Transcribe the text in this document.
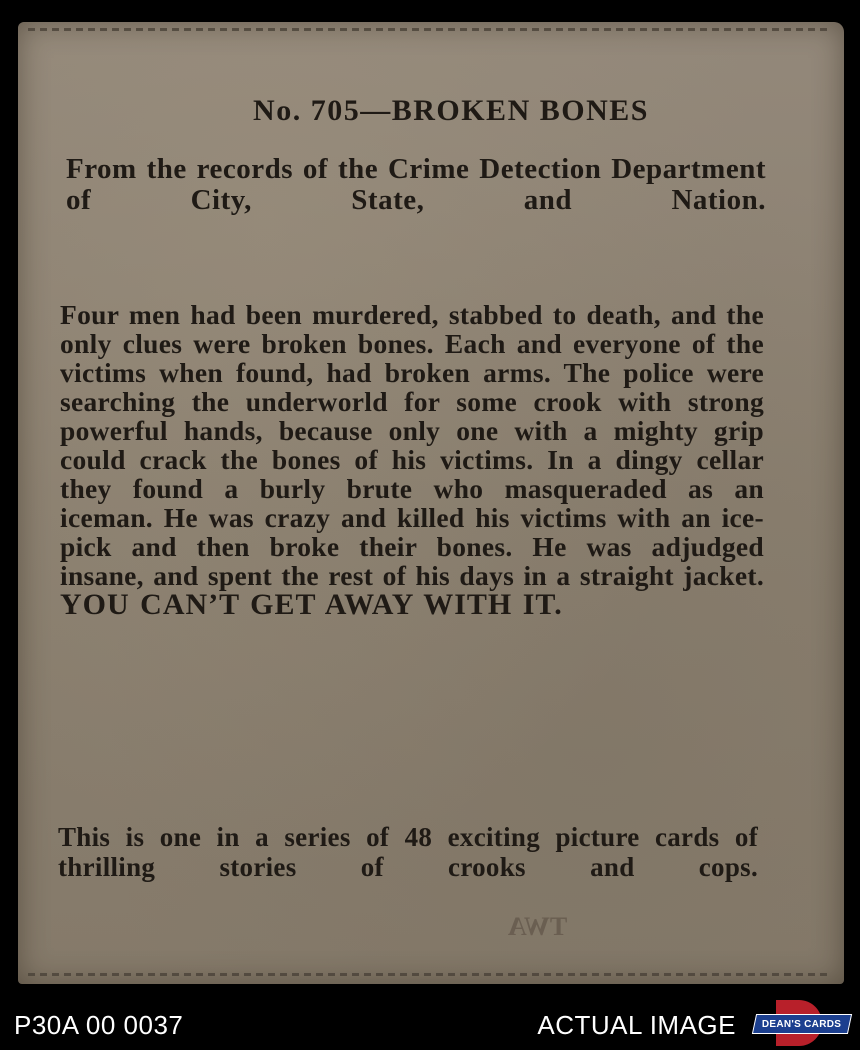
No. 705—BROKEN BONES
From the records of the Crime Detection Department of City, State, and Nation.
Four men had been murdered, stabbed to death, and the only clues were broken bones. Each and everyone of the victims when found, had broken arms. The police were searching the underworld for some crook with strong powerful hands, because only one with a mighty grip could crack the bones of his victims. In a dingy cellar they found a burly brute who masqueraded as an iceman. He was crazy and killed his victims with an ice-pick and then broke their bones. He was adjudged insane, and spent the rest of his days in a straight jacket. YOU CAN’T GET AWAY WITH IT.
This is one in a series of 48 exciting picture cards of thrilling stories of crooks and cops.
TWA
P30A 00 0037	ACTUAL IMAGE	DEAN'S CARDS
